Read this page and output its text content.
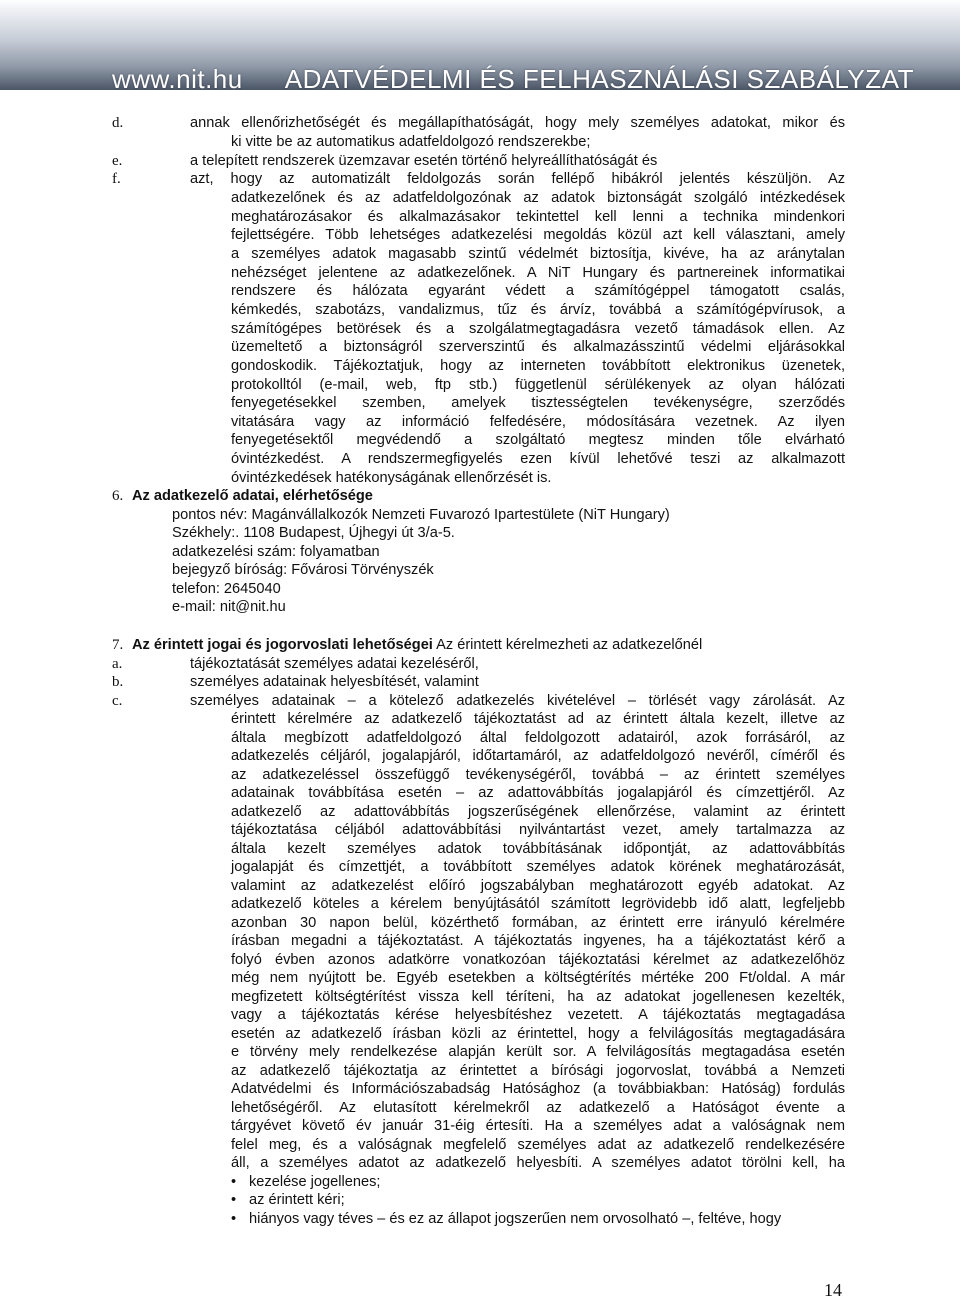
www.nit.hu ADATVÉDELMI ÉS FELHASZNÁLÁSI SZABÁLYZAT
d.	annak ellenőrizhetőségét és megállapíthatóságát, hogy mely személyes adatokat, mikor és
ki vitte be az automatikus adatfeldolgozó rendszerekbe;
e.	a telepített rendszerek üzemzavar esetén történő helyreállíthatóságát és
f.	azt, hogy az automatizált feldolgozás során fellépő hibákról jelentés készüljön. Az
adatkezelőnek és az adatfeldolgozónak az adatok biztonságát szolgáló intézkedések
meghatározásakor és alkalmazásakor tekintettel kell lenni a technika mindenkori
fejlettségére. Több lehetséges adatkezelési megoldás közül azt kell választani, amely
a személyes adatok magasabb szintű védelmét biztosítja, kivéve, ha az aránytalan
nehézséget jelentene az adatkezelőnek. A NiT Hungary és partnereinek informatikai
rendszere és hálózata egyaránt védett a számítógéppel támogatott csalás,
kémkedés, szabotázs, vandalizmus, tűz és árvíz, továbbá a számítógépvírusok, a
számítógépes betörések és a szolgálatmegtagadásra vezető támadások ellen. Az
üzemeltető a biztonságról szerverszintű és alkalmazásszintű védelmi eljárásokkal
gondoskodik. Tájékoztatjuk, hogy az interneten továbbított elektronikus üzenetek,
protokolltól (e-mail, web, ftp stb.) függetlenül sérülékenyek az olyan hálózati
fenyegetésekkel szemben, amelyek tisztességtelen tevékenységre, szerződés
vitatására vagy az információ felfedésére, módosítására vezetnek. Az ilyen
fenyegetésektől megvédendő a szolgáltató megtesz minden tőle elvárható
óvintézkedést. A rendszermegfigyelés ezen kívül lehetővé teszi az alkalmazott
óvintézkedések hatékonyságának ellenőrzését is.
6. Az adatkezelő adatai, elérhetősége
pontos név: Magánvállalkozók Nemzeti Fuvarozó Ipartestülete (NiT Hungary)
Székhely:. 1108 Budapest, Újhegyi út 3/a-5.
adatkezelési szám: folyamatban
bejegyző bíróság: Fővárosi Törvényszék
telefon: 2645040
e-mail: nit@nit.hu
7. Az érintett jogai és jogorvoslati lehetőségei Az érintett kérelmezheti az adatkezelőnél
a.	tájékoztatását személyes adatai kezeléséről,
b.	személyes adatainak helyesbítését, valamint
c.	személyes adatainak – a kötelező adatkezelés kivételével – törlését vagy zárolását. Az
érintett kérelmére az adatkezelő tájékoztatást ad az érintett általa kezelt, illetve az
általa megbízott adatfeldolgozó által feldolgozott adatairól, azok forrásáról, az
adatkezelés céljáról, jogalapjáról, időtartamáról, az adatfeldolgozó nevéről, címéről és
az adatkezeléssel összefüggő tevékenységéről, továbbá – az érintett személyes
adatainak továbbítása esetén – az adattovábbítás jogalapjáról és címzettjéről. Az
adatkezelő az adattovábbítás jogszerűségének ellenőrzése, valamint az érintett
tájékoztatása céljából adattovábbítási nyilvántartást vezet, amely tartalmazza az
általa kezelt személyes adatok továbbításának időpontját, az adattovábbítás
jogalapját és címzettjét, a továbbított személyes adatok körének meghatározását,
valamint az adatkezelést előíró jogszabályban meghatározott egyéb adatokat. Az
adatkezelő köteles a kérelem benyújtásától számított legrövidebb idő alatt, legfeljebb
azonban 30 napon belül, közérthető formában, az érintett erre irányuló kérelmére
írásban megadni a tájékoztatást. A tájékoztatás ingyenes, ha a tájékoztatást kérő a
folyó évben azonos adatkörre vonatkozóan tájékoztatási kérelmet az adatkezelőhöz
még nem nyújtott be. Egyéb esetekben a költségtérítés mértéke 200 Ft/oldal. A már
megfizetett költségtérítést vissza kell téríteni, ha az adatokat jogellenesen kezelték,
vagy a tájékoztatás kérése helyesbítéshez vezetett. A tájékoztatás megtagadása
esetén az adatkezelő írásban közli az érintettel, hogy a felvilágosítás megtagadására
e törvény mely rendelkezése alapján került sor. A felvilágosítás megtagadása esetén
az adatkezelő tájékoztatja az érintettet a bírósági jogorvoslat, továbbá a Nemzeti
Adatvédelmi és Információszabadság Hatósághoz (a továbbiakban: Hatóság) fordulás
lehetőségéről. Az elutasított kérelmekről az adatkezelő a Hatóságot évente a
tárgyévet követő év január 31-éig értesíti. Ha a személyes adat a valóságnak nem
felel meg, és a valóságnak megfelelő személyes adat az adatkezelő rendelkezésére
áll, a személyes adatot az adatkezelő helyesbíti. A személyes adatot törölni kell, ha
• kezelése jogellenes;
• az érintett kéri;
• hiányos vagy téves – és ez az állapot jogszerűen nem orvosolható –, feltéve, hogy
14
